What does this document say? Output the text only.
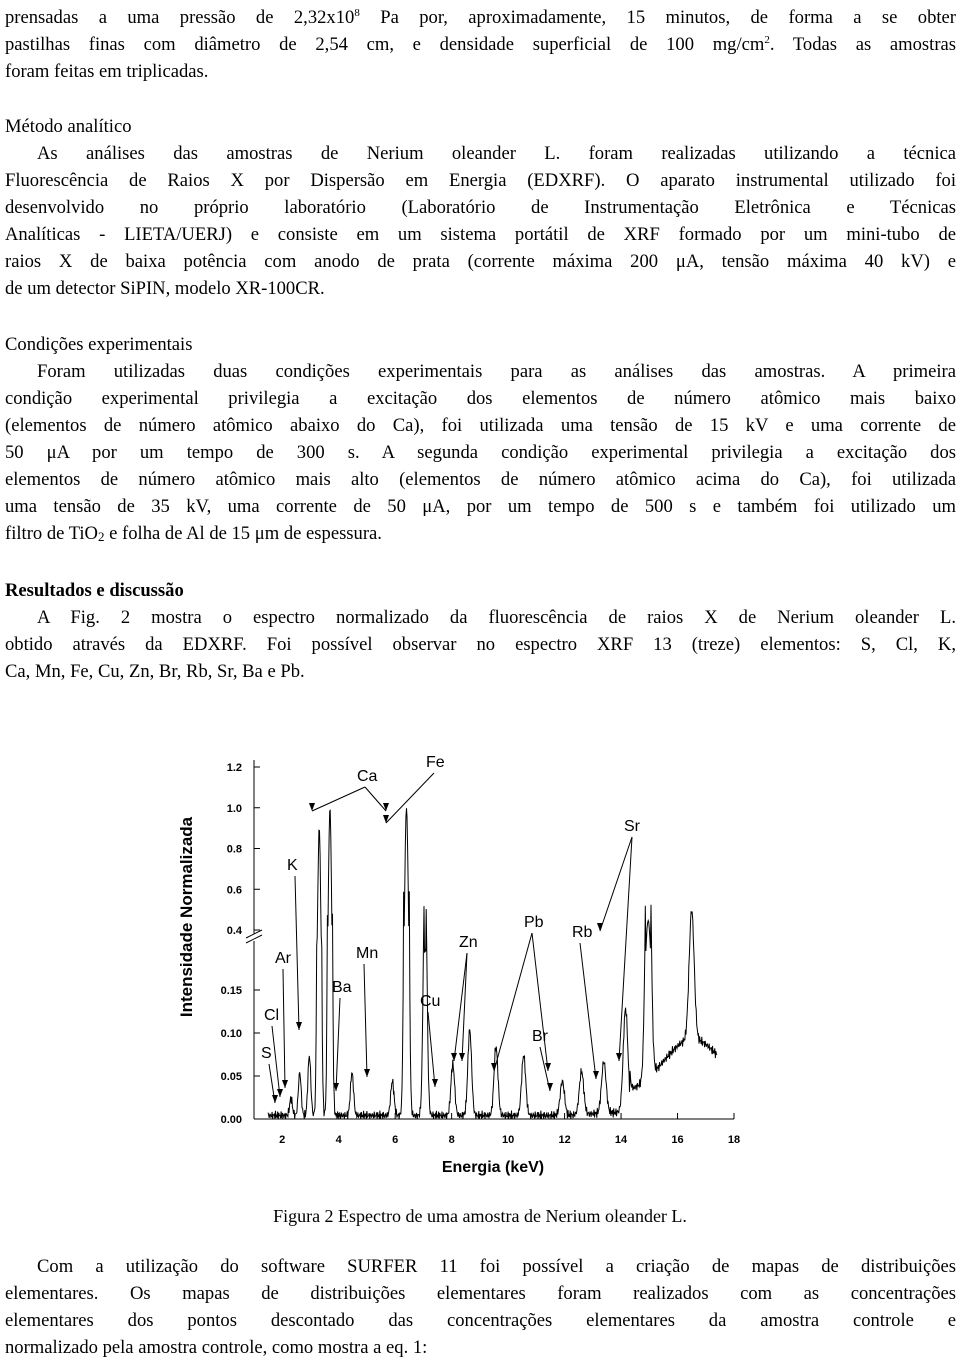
prensadas a uma pressão de $2,32x10^8$ Pa por, aproximadamente, 15 minutos, de forma a se obter

pastilhas finas com diâmetro de 2,54 cm, e densidade superficial de 100 $mg/cm^2$. Todas as amostras

foram feitas em triplicadas.

Método analítico

As análises das amostras de Nerium oleander L. foram realizadas utilizando a técnica

Fluorescência de Raios X por Dispersão em Energia (EDXRF). O aparato instrumental utilizado foi

desenvolvido no próprio laboratório (Laboratório de Instrumentação Eletrônica e Técnicas

Analíticas - LIETA/UERJ) e consiste em um sistema portátil de XRF formado por um mini-tubo de

raios X de baixa potência com anodo de prata (corrente máxima 200 μA, tensão máxima 40 kV) e

de um detector SiPIN, modelo XR-100CR.

Condições experimentais

Foram utilizadas duas condições experimentais para as análises das amostras. A primeira

condição experimental privilegia a excitação dos elementos de número atômico mais baixo

(elementos de número atômico abaixo do Ca), foi utilizada uma tensão de 15 kV e uma corrente de

50 μA por um tempo de 300 s. A segunda condição experimental privilegia a excitação dos

elementos de número atômico mais alto (elementos de número atômico acima do Ca), foi utilizada

uma tensão de 35 kV, uma corrente de 50 μA, por um tempo de 500 s e também foi utilizado um

filtro de TiO$_2$ e folha de Al de 15 μm de espessura.

Resultados e discussão

A Fig. 2 mostra o espectro normalizado da fluorescência de raios X de Nerium oleander L.

obtido através da EDXRF. Foi possível observar no espectro XRF 13 (treze) elementos: S, Cl, K,

Ca, Mn, Fe, Cu, Zn, Br, Rb, Sr, Ba e Pb.

2	4	6	8	10	12	14	16	18
0.00
0.05
0.10
0.15
0.4
0.6
0.8
1.0
1.2
S
Cl
Ar
K
Ca
Ba
Mn
Fe
Cu
Zn
Br
Pb
Rb
Sr
Intensidade Normalizada
Energia (keV)
Figura 2 Espectro de uma amostra de Nerium oleander L.

Com a utilização do software SURFER 11 foi possível a criação de mapas de distribuições

elementares. Os mapas de distribuições elementares foram realizados com as concentrações

elementares dos pontos descontado das concentrações elementares da amostra controle e

normalizado pela amostra controle, como mostra a eq. 1:
